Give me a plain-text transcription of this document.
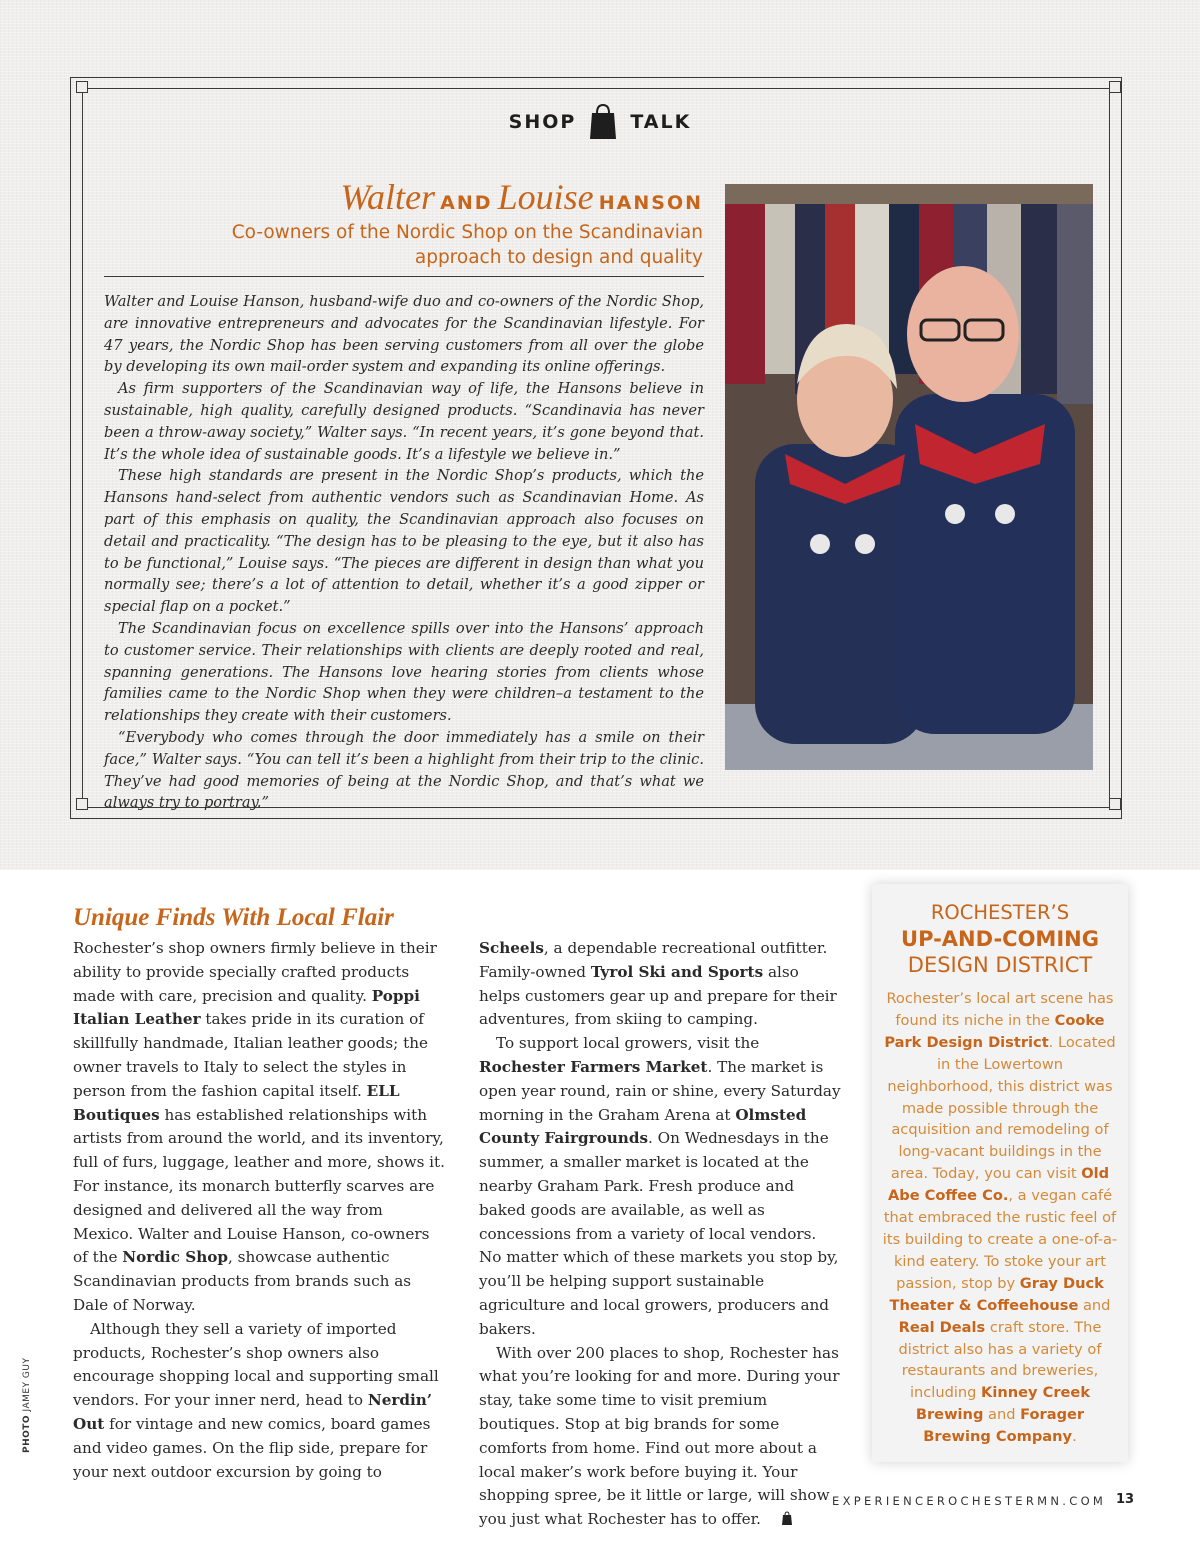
SHOP	TALK
Walter AND Louise HANSON
Co-owners of the Nordic Shop on the Scandinavian
approach to design and quality

Walter and Louise Hanson, husband-wife duo and co-owners of the Nordic Shop, are innovative entrepreneurs and advocates for the Scandinavian lifestyle. For 47 years, the Nordic Shop has been serving customers from all over the globe by developing its own mail-order system and expanding its online offerings.

As firm supporters of the Scandinavian way of life, the Hansons believe in sustainable, high quality, carefully designed products. “Scandinavia has never been a throw-away society,” Walter says. “In recent years, it’s gone beyond that. It’s the whole idea of sustainable goods. It’s a lifestyle we believe in.”

These high standards are present in the Nordic Shop’s products, which the Hansons hand-select from authentic vendors such as Scandinavian Home. As part of this emphasis on quality, the Scandinavian approach also focuses on detail and practicality. “The design has to be pleasing to the eye, but it also has to be functional,” Louise says. “The pieces are different in design than what you normally see; there’s a lot of attention to detail, whether it’s a good zipper or special flap on a pocket.”

The Scandinavian focus on excellence spills over into the Hansons’ approach to customer service. Their relationships with clients are deeply rooted and real, spanning generations. The Hansons love hearing stories from clients whose families came to the Nordic Shop when they were children–a testament to the relationships they create with their customers.

“Everybody who comes through the door immediately has a smile on their face,” Walter says. “You can tell it’s been a highlight from their trip to the clinic. They’ve had good memories of being at the Nordic Shop, and that’s what we always try to portray.”

Unique Finds With Local Flair

Rochester’s shop owners firmly believe in their ability to provide specially crafted products made with care, precision and quality. Poppi Italian Leather takes pride in its curation of skillfully handmade, Italian leather goods; the owner travels to Italy to select the styles in person from the fashion capital itself. ELL Boutiques has established relationships with artists from around the world, and its inventory, full of furs, luggage, leather and more, shows it. For instance, its monarch butterfly scarves are designed and delivered all the way from Mexico. Walter and Louise Hanson, co-owners of the Nordic Shop, showcase authentic Scandinavian products from brands such as Dale of Norway.

Although they sell a variety of imported products, Rochester’s shop owners also encourage shopping local and supporting small vendors. For your inner nerd, head to Nerdin’ Out for vintage and new comics, board games and video games. On the flip side, prepare for your next outdoor excursion by going to

Scheels, a dependable recreational outfitter. Family-owned Tyrol Ski and Sports also helps customers gear up and prepare for their adventures, from skiing to camping.

To support local growers, visit the Rochester Farmers Market. The market is open year round, rain or shine, every Saturday morning in the Graham Arena at Olmsted County Fairgrounds. On Wednesdays in the summer, a smaller market is located at the nearby Graham Park. Fresh produce and baked goods are available, as well as concessions from a variety of local vendors. No matter which of these markets you stop by, you’ll be helping support sustainable agriculture and local growers, producers and bakers.

With over 200 places to shop, Rochester has what you’re looking for and more. During your stay, take some time to visit premium boutiques. Stop at big brands for some comforts from home. Find out more about a local maker’s work before buying it. Your shopping spree, be it little or large, will show you just what Rochester has to offer.

ROCHESTER’S
UP-AND-COMING
DESIGN DISTRICT
Rochester’s local art scene has found its niche in the Cooke Park Design District. Located in the Lowertown neighborhood, this district was made possible through the acquisition and remodeling of long-vacant buildings in the area. Today, you can visit Old Abe Coffee Co., a vegan café that embraced the rustic feel of its building to create a one-of-a-kind eatery. To stoke your art passion, stop by Gray Duck Theater & Coffeehouse and Real Deals craft store. The district also has a variety of restaurants and breweries, including Kinney Creek Brewing and Forager Brewing Company.
PHOTO JAMEY GUY
EXPERIENCEROCHESTERMN.COM 13
